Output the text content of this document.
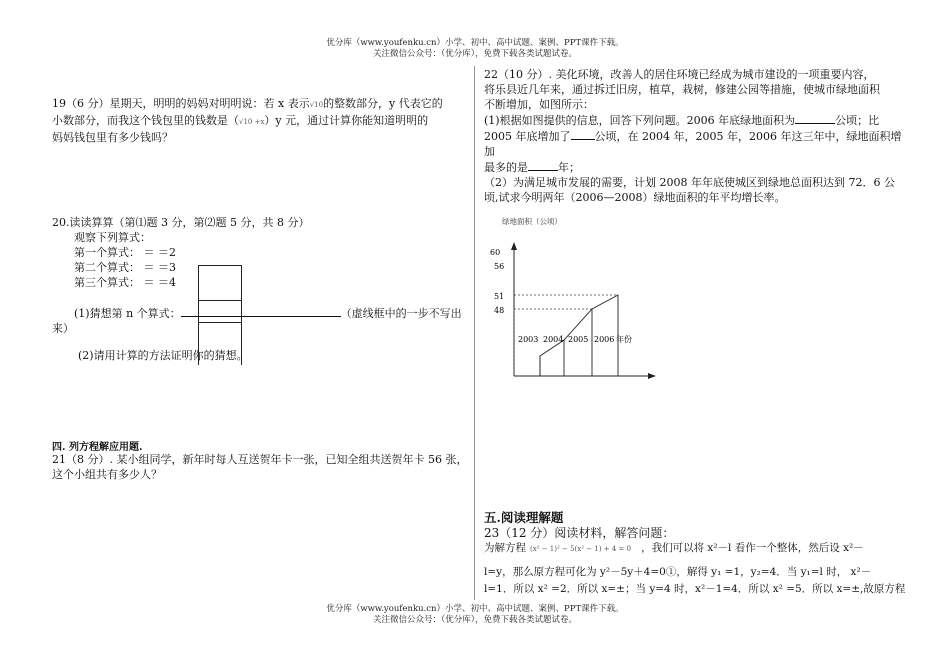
优分库（www.youfenku.cn）小学、初中、高中试题、案例、PPT课件下载。
关注微信公众号：（优分库），免费下载各类试题试卷。
19（6 分）星期天，明明的妈妈对明明说：若 x 表示√10的整数部分，y 代表它的
小数部分，而我这个钱包里的钱数是（√10 +x）y 元，通过计算你能知道明明的
妈妈钱包里有多少钱吗？
20.读读算算（第⑴题 3 分，第⑵题 5 分，共 8 分）
观察下列算式：
第一个算式： ＝ ＝2
第二个算式： ＝ ＝3
第三个算式： ＝ ＝4
(1)猜想第 n 个算式：	（虚线框中的一步不写出
来）
(2)请用计算的方法证明你的猜想。
四. 列方程解应用题.
21（8 分）. 某小组同学，新年时每人互送贺年卡一张，已知全组共送贺年卡 56 张，
这个小组共有多少人？
22（10 分）. 美化环境，改善人的居住环境已经成为城市建设的一项重要内容，
将乐县近几年来，通过拆迁旧房，植草，栽树，修建公园等措施，使城市绿地面积
不断增加，如图所示：
(1)根据如图提供的信息，回答下列问题。2006 年底绿地面积为	公顷；比
2005 年底增加了 公顷，在 2004 年，2005 年，2006 年这三年中，绿地面积增加
最多的是	年；
（2）为满足城市发展的需要，计划 2008 年年底使城区到绿地总面积达到 72．6 公
顷,试求今明两年（2006—2008）绿地面积的年平均增长率。
绿地面积（公顷）
60
56
51
48
2003 2004 2005 2006 年份
五.阅读理解题
23（12 分）阅读材料，解答问题：
为解方程 (x² − 1)² − 5(x² − 1) + 4 = 0 ，我们可以将 x²－l 看作一个整体，然后设 x²－
l=y，那么原方程可化为 y²－5y＋4=0①，解得 y₁ =1，y₂=4．当 y₁=l 时， x²－
l=1．所以 x² =2．所以 x=±；当 y=4 时，x²－1=4．所以 x² =5．所以 x=±,故原方程
优分库（www.youfenku.cn）小学、初中、高中试题、案例、PPT课件下载。
关注微信公众号：（优分库），免费下载各类试题试卷。
